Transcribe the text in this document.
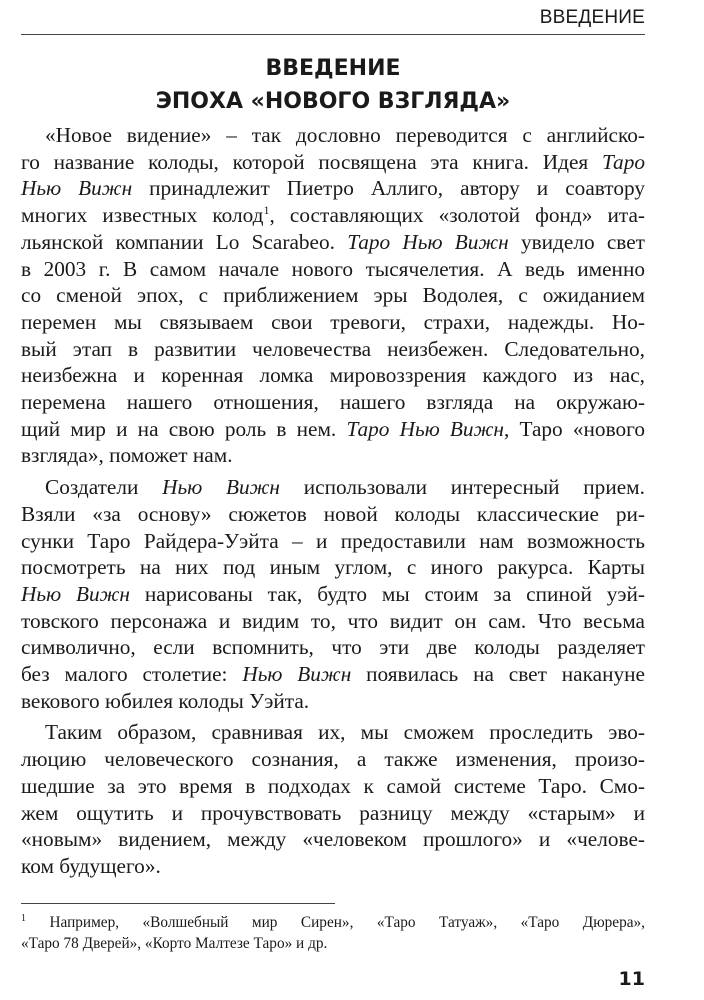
ВВЕДЕНИЕ
ВВЕДЕНИЕ
ЭПОХА «НОВОГО ВЗГЛЯДА»

«Новое видение» – так дословно переводится с английско-
го название колоды, которой посвящена эта книга. Идея Таро
Нью Вижн принадлежит Пиетро Аллиго, автору и соавтору
многих известных колод$^1$, составляющих «золотой фонд» ита-
льянской компании Lo Scarabeo. Таро Нью Вижн увидело свет
в 2003 г. В самом начале нового тысячелетия. А ведь именно
со сменой эпох, с приближением эры Водолея, с ожиданием
перемен мы связываем свои тревоги, страхи, надежды. Но-
вый этап в развитии человечества неизбежен. Следовательно,
неизбежна и коренная ломка мировоззрения каждого из нас,
перемена нашего отношения, нашего взгляда на окружаю-
щий мир и на свою роль в нем. Таро Нью Вижн, Таро «нового
взгляда», поможет нам.

Создатели Нью Вижн использовали интересный прием.
Взяли «за основу» сюжетов новой колоды классические ри-
сунки Таро Райдера-Уэйта – и предоставили нам возможность
посмотреть на них под иным углом, с иного ракурса. Карты
Нью Вижн нарисованы так, будто мы стоим за спиной уэй-
товского персонажа и видим то, что видит он сам. Что весьма
символично, если вспомнить, что эти две колоды разделяет
без малого столетие: Нью Вижн появилась на свет накануне
векового юбилея колоды Уэйта.

Таким образом, сравнивая их, мы сможем проследить эво-
люцию человеческого сознания, а также изменения, произо-
шедшие за это время в подходах к самой системе Таро. Смо-
жем ощутить и прочувствовать разницу между «старым» и
«новым» видением, между «человеком прошлого» и «челове-
ком будущего».

$^1$ Например, «Волшебный мир Сирен», «Таро Татуаж», «Таро Дюрера»,
«Таро 78 Дверей», «Корто Малтезе Таро» и др.
11
